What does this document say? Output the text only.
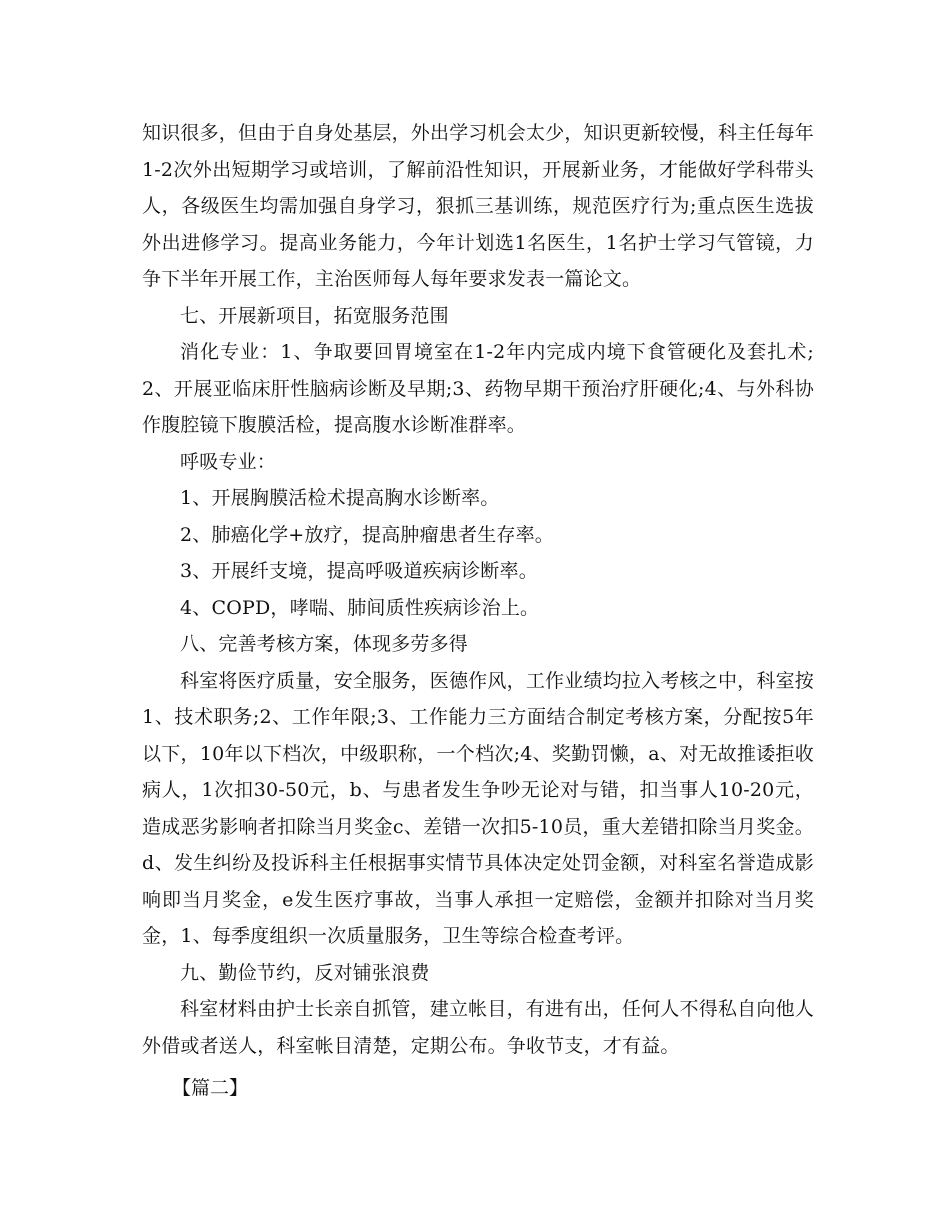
知识很多，但由于自身处基层，外出学习机会太少，知识更新较慢，科主任每年1-2次外出短期学习或培训，了解前沿性知识，开展新业务，才能做好学科带头人，各级医生均需加强自身学习，狠抓三基训练，规范医疗行为;重点医生选拔外出进修学习。提高业务能力，今年计划选1名医生，1名护士学习气管镜，力争下半年开展工作，主治医师每人每年要求发表一篇论文。

七、开展新项目，拓宽服务范围

消化专业：1、争取要回胃境室在1-2年内完成内境下食管硬化及套扎术;2、开展亚临床肝性脑病诊断及早期;3、药物早期干预治疗肝硬化;4、与外科协作腹腔镜下腹膜活检，提高腹水诊断准群率。

呼吸专业：

1、开展胸膜活检术提高胸水诊断率。

2、肺癌化学+放疗，提高肿瘤患者生存率。

3、开展纤支境，提高呼吸道疾病诊断率。

4、COPD，哮喘、肺间质性疾病诊治上。

八、完善考核方案，体现多劳多得

科室将医疗质量，安全服务，医德作风，工作业绩均拉入考核之中，科室按1、技术职务;2、工作年限;3、工作能力三方面结合制定考核方案，分配按5年以下，10年以下档次，中级职称，一个档次;4、奖勤罚懒，a、对无故推诿拒收病人，1次扣30-50元，b、与患者发生争吵无论对与错，扣当事人10-20元，造成恶劣影响者扣除当月奖金c、差错一次扣5-10员，重大差错扣除当月奖金。d、发生纠纷及投诉科主任根据事实情节具体决定处罚金额，对科室名誉造成影响即当月奖金，e发生医疗事故，当事人承担一定赔偿，金额并扣除对当月奖金，1、每季度组织一次质量服务，卫生等综合检查考评。

九、勤俭节约，反对铺张浪费

科室材料由护士长亲自抓管，建立帐目，有进有出，任何人不得私自向他人外借或者送人，科室帐目清楚，定期公布。争收节支，才有益。

【篇二】
